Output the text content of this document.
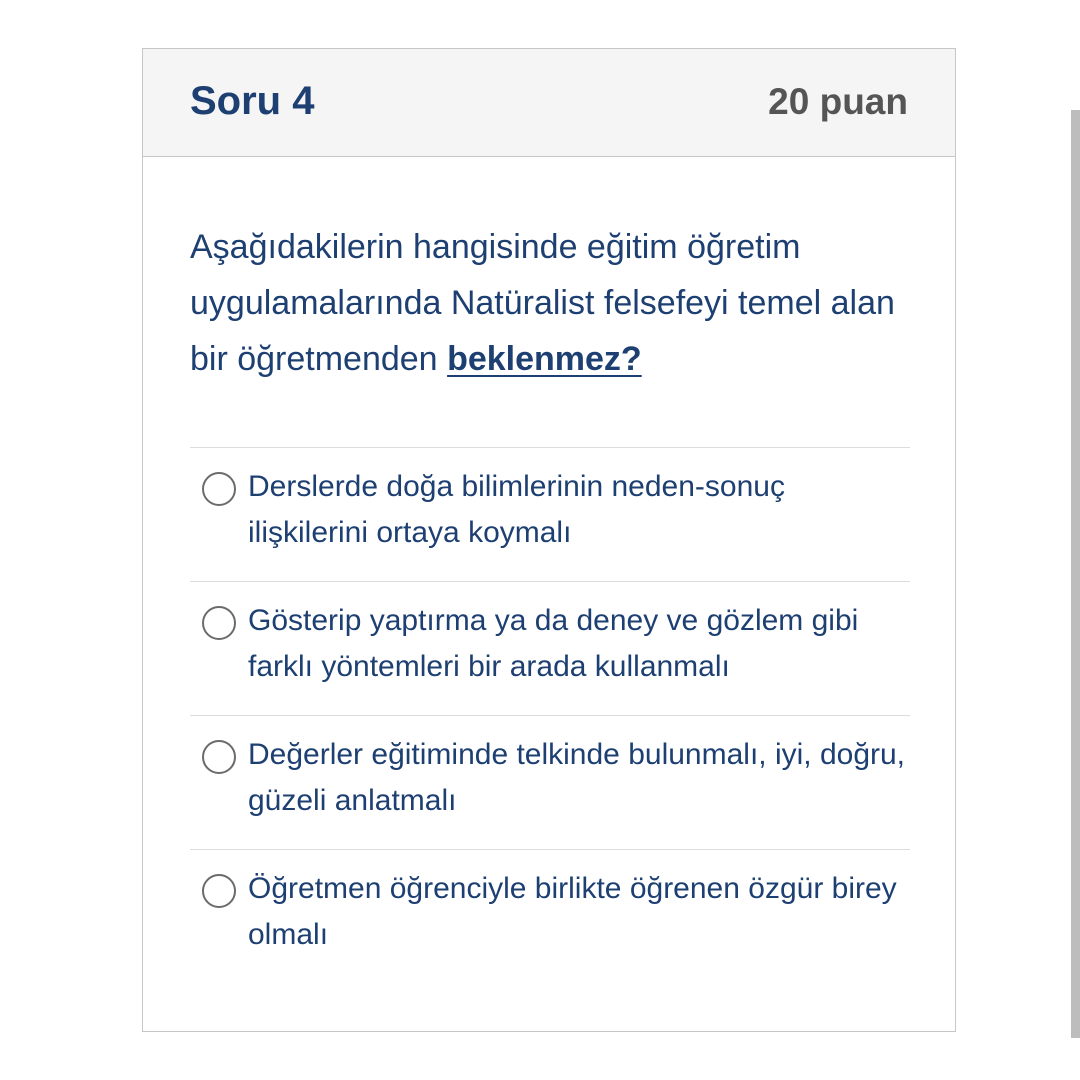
Soru 4	20 puan

Aşağıdakilerin hangisinde eğitim öğretim uygulamalarında Natüralist felsefeyi temel alan bir öğretmenden beklenmez?

Derslerde doğa bilimlerinin neden-sonuç ilişkilerini ortaya koymalı
Gösterip yaptırma ya da deney ve gözlem gibi farklı yöntemleri bir arada kullanmalı
Değerler eğitiminde telkinde bulunmalı, iyi, doğru, güzeli anlatmalı
Öğretmen öğrenciyle birlikte öğrenen özgür birey olmalı
